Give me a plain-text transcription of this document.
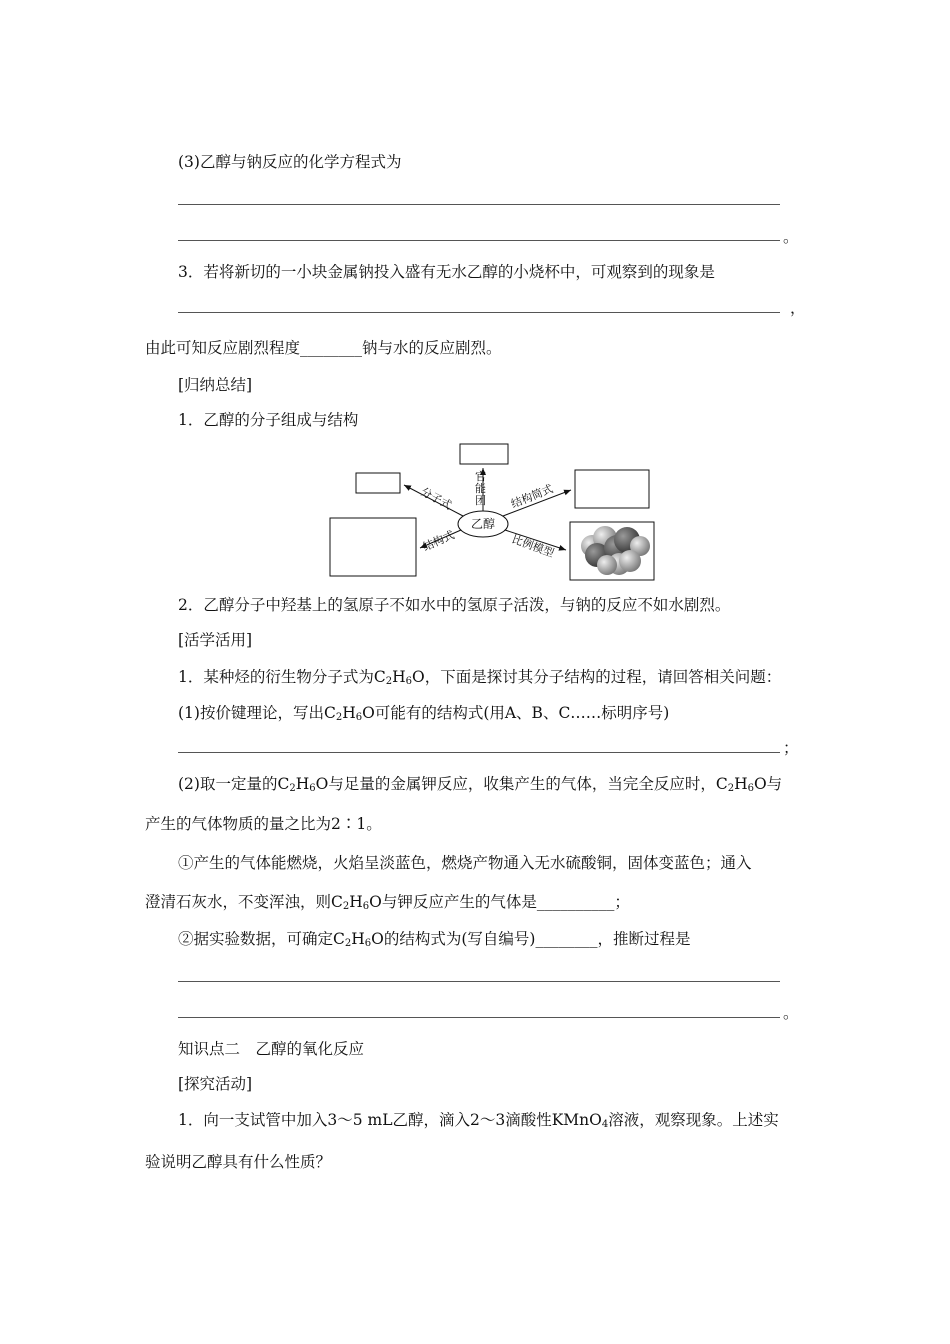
(3)乙醇与钠反应的化学方程式为
。
3．若将新切的一小块金属钠投入盛有无水乙醇的小烧杯中，可观察到的现象是
，
由此可知反应剧烈程度________钠与水的反应剧烈。
[归纳总结]
1．乙醇的分子组成与结构
乙醇
官
能
团
分子式	结构简式
结构式	比例模型
2．乙醇分子中羟基上的氢原子不如水中的氢原子活泼，与钠的反应不如水剧烈。
[活学活用]
1．某种烃的衍生物分子式为$C_2H_6O$，下面是探讨其分子结构的过程，请回答相关问题：
(1)按价键理论，写出$C_2H_6O$可能有的结构式(用A、B、C……标明序号)
；
(2)取一定量的$C_2H_6O$与足量的金属钾反应，收集产生的气体，当完全反应时，$C_2H_6O$与
产生的气体物质的量之比为2∶1。
①产生的气体能燃烧，火焰呈淡蓝色，燃烧产物通入无水硫酸铜，固体变蓝色；通入
澄清石灰水，不变浑浊，则$C_2H_6O$与钾反应产生的气体是__________；
②据实验数据，可确定$C_2H_6O$的结构式为(写自编号)________，推断过程是
。
知识点二　乙醇的氧化反应
[探究活动]
1．向一支试管中加入3～5 mL乙醇，滴入2～3滴酸性KMnO$_4$溶液，观察现象。上述实
验说明乙醇具有什么性质？
